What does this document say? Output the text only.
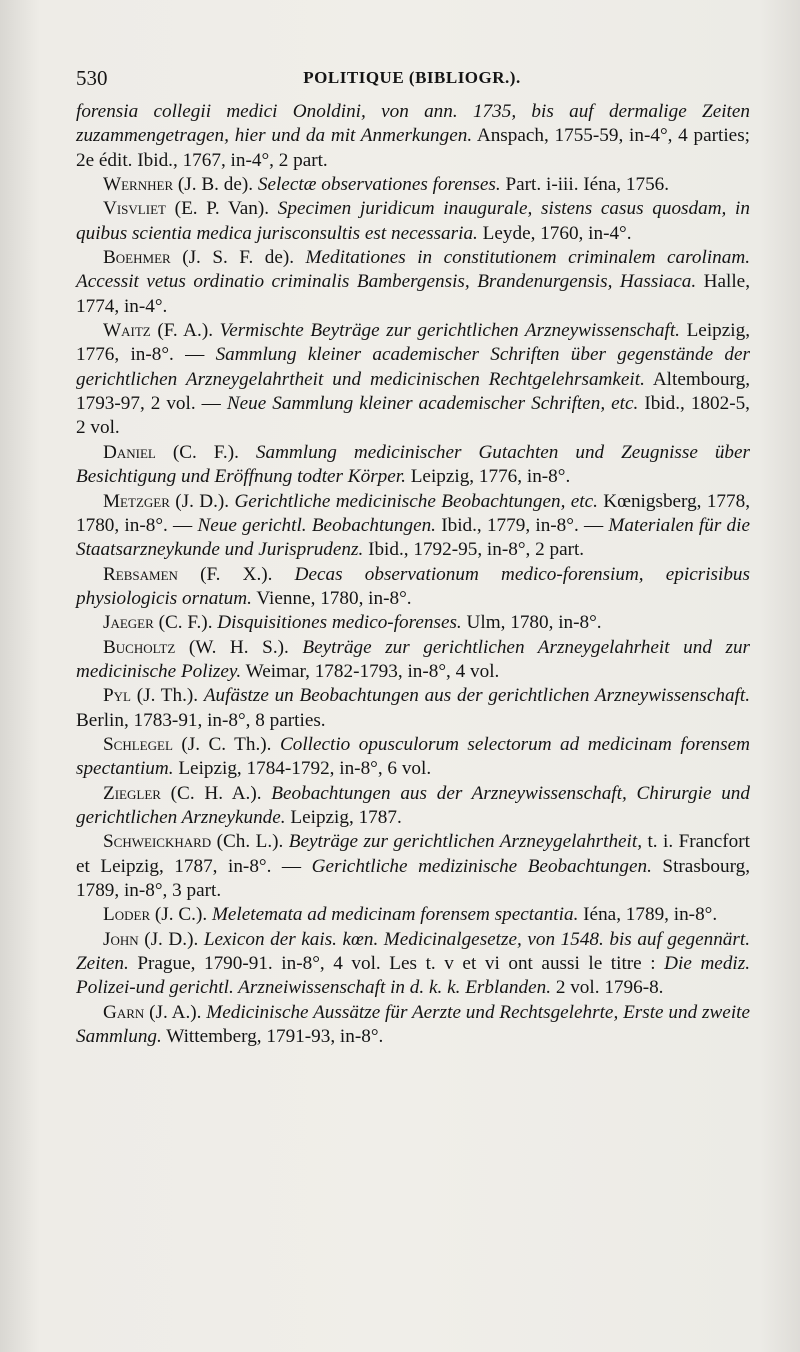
530	POLITIQUE (BIBLIOGR.).

forensia collegii medici Onoldini, von ann. 1735, bis auf dermalige Zeiten zuzammengetragen, hier und da mit Anmerkungen. Anspach, 1755-59, in-4°, 4 parties; 2e édit. Ibid., 1767, in-4°, 2 part.

Wernher (J. B. de). Selectæ observationes forenses. Part. i-iii. Iéna, 1756.

Visvliet (E. P. Van). Specimen juridicum inaugurale, sistens casus quosdam, in quibus scientia medica jurisconsultis est necessaria. Leyde, 1760, in-4°.

Boehmer (J. S. F. de). Meditationes in constitutionem criminalem carolinam. Accessit vetus ordinatio criminalis Bambergensis, Brandenurgensis, Hassiaca. Halle, 1774, in-4°.

Waitz (F. A.). Vermischte Beyträge zur gerichtlichen Arzneywissenschaft. Leipzig, 1776, in-8°. — Sammlung kleiner academischer Schriften über gegenstände der gerichtlichen Arzneygelahrtheit und medicinischen Rechtgelehrsamkeit. Altembourg, 1793-97, 2 vol. — Neue Sammlung kleiner academischer Schriften, etc. Ibid., 1802-5, 2 vol.

Daniel (C. F.). Sammlung medicinischer Gutachten und Zeugnisse über Besichtigung und Eröffnung todter Körper. Leipzig, 1776, in-8°.

Metzger (J. D.). Gerichtliche medicinische Beobachtungen, etc. Kœnigsberg, 1778, 1780, in-8°. — Neue gerichtl. Beobachtungen. Ibid., 1779, in-8°. — Materialen für die Staatsarzneykunde und Jurisprudenz. Ibid., 1792-95, in-8°, 2 part.

Rebsamen (F. X.). Decas observationum medico-forensium, epicrisibus physiologicis ornatum. Vienne, 1780, in-8°.

Jaeger (C. F.). Disquisitiones medico-forenses. Ulm, 1780, in-8°.

Bucholtz (W. H. S.). Beyträge zur gerichtlichen Arzneygelahrheit und zur medicinische Polizey. Weimar, 1782-1793, in-8°, 4 vol.

Pyl (J. Th.). Aufästze un Beobachtungen aus der gerichtlichen Arzneywissenschaft. Berlin, 1783-91, in-8°, 8 parties.

Schlegel (J. C. Th.). Collectio opusculorum selectorum ad medicinam forensem spectantium. Leipzig, 1784-1792, in-8°, 6 vol.

Ziegler (C. H. A.). Beobachtungen aus der Arzneywissenschaft, Chirurgie und gerichtlichen Arzneykunde. Leipzig, 1787.

Schweickhard (Ch. L.). Beyträge zur gerichtlichen Arzneygelahrtheit, t. i. Francfort et Leipzig, 1787, in-8°. — Gerichtliche medizinische Beobachtungen. Strasbourg, 1789, in-8°, 3 part.

Loder (J. C.). Meletemata ad medicinam forensem spectantia. Iéna, 1789, in-8°.

John (J. D.). Lexicon der kais. kœn. Medicinalgesetze, von 1548. bis auf gegennärt. Zeiten. Prague, 1790-91. in-8°, 4 vol. Les t. v et vi ont aussi le titre : Die mediz. Polizei-und gerichtl. Arzneiwissenschaft in d. k. k. Erblanden. 2 vol. 1796-8.

Garn (J. A.). Medicinische Aussätze für Aerzte und Rechtsgelehrte, Erste und zweite Sammlung. Wittemberg, 1791-93, in-8°.
